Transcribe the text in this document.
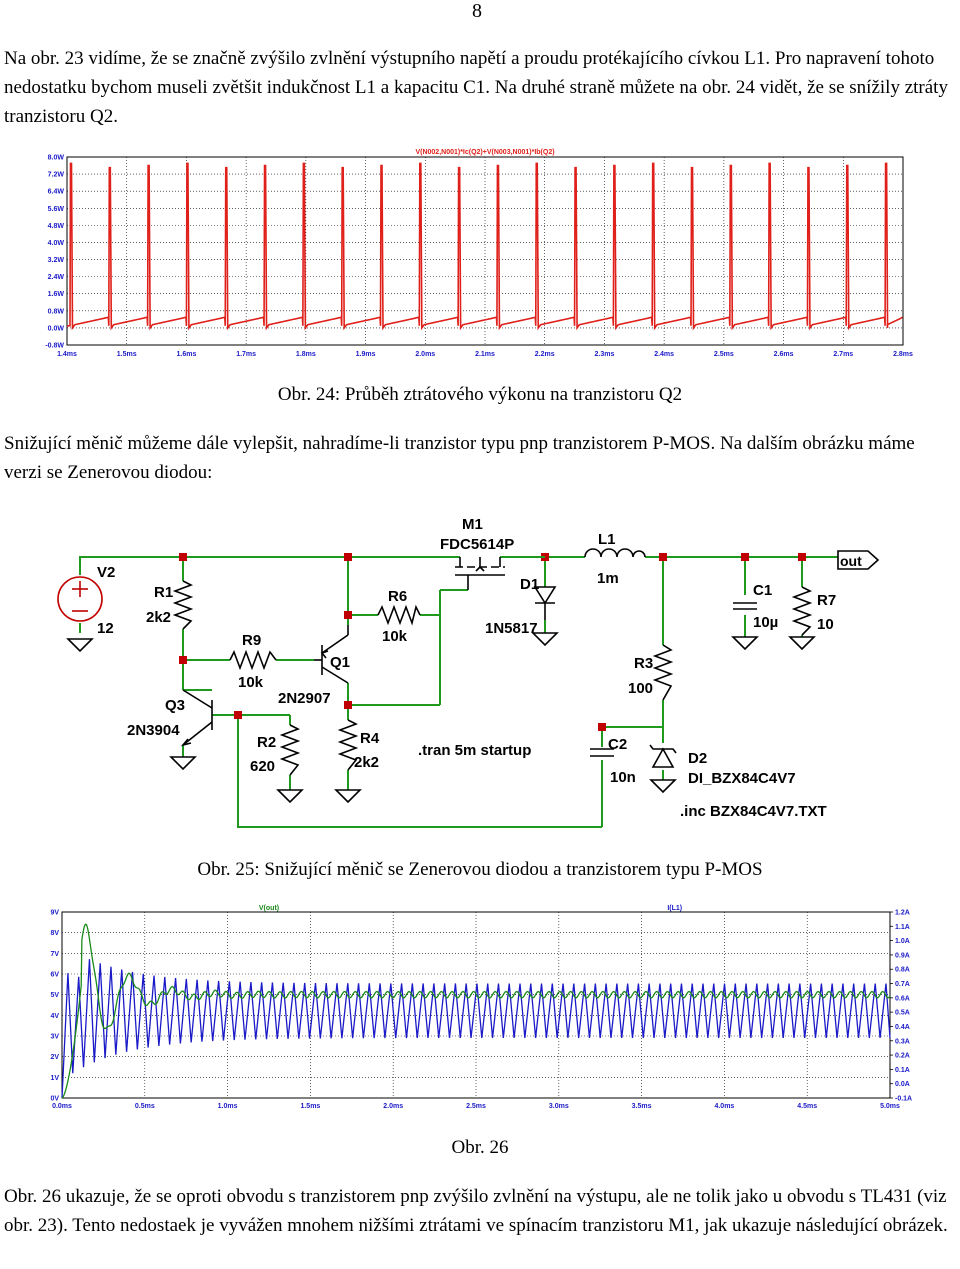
8

Na obr. 23 vidíme, že se značně zvýšilo zvlnění výstupního napětí a proudu protékajícího cívkou L1. Pro napravení tohoto nedostatku bychom museli zvětšit indukčnost L1 a kapacitu C1. Na druhé straně můžete na obr. 24 vidět, že se snížily ztráty tranzistoru Q2.

V(N002,N001)*Ic(Q2)+V(N003,N001)*Ib(Q2)
8.0W
7.2W
6.4W
5.6W
4.8W
4.0W
3.2W
2.4W
1.6W
0.8W
0.0W
-0.8W
1.4ms	1.5ms	1.6ms	1.7ms	1.8ms	1.9ms	2.0ms	2.1ms	2.2ms	2.3ms	2.4ms	2.5ms	2.6ms	2.7ms	2.8ms
Obr. 24: Průběh ztrátového výkonu na tranzistoru Q2

Snižující měnič můžeme dále vylepšit, nahradíme-li tranzistor typu pnp tranzistorem P-MOS. Na dalším obrázku máme verzi se Zenerovou diodou:

V2
12
R1
2k2
M1
FDC5614P	L1
1m
D1
1N5817
R6
10k
R9
10k
Q1
2N2907
Q3
2N3904
R2
620
R4
2k2
.tran 5m startup
C1
10µ
R7
10
R3
100
C2
10n
D2
DI_BZX84C4V7
.inc BZX84C4V7.TXT
out
Obr. 25: Snižující měnič se Zenerovou diodou a tranzistorem typu P-MOS
9V
8V
7V
6V
5V
4V
3V
2V
1V
0V
1.2A
1.1A
1.0A
0.9A
0.8A
0.7A
0.6A
0.5A
0.4A
0.3A
0.2A
0.1A
0.0A
-0.1A
0.0ms	0.5ms	1.0ms	1.5ms	2.0ms	2.5ms	3.0ms	3.5ms	4.0ms	4.5ms	5.0ms
V(out)	I(L1)
Obr. 26

Obr. 26 ukazuje, že se oproti obvodu s tranzistorem pnp zvýšilo zvlnění na výstupu, ale ne tolik jako u obvodu s TL431 (viz obr. 23). Tento nedostaek je vyvážen mnohem nižšími ztrátami ve spínacím tranzistoru M1, jak ukazuje následující obrázek.
